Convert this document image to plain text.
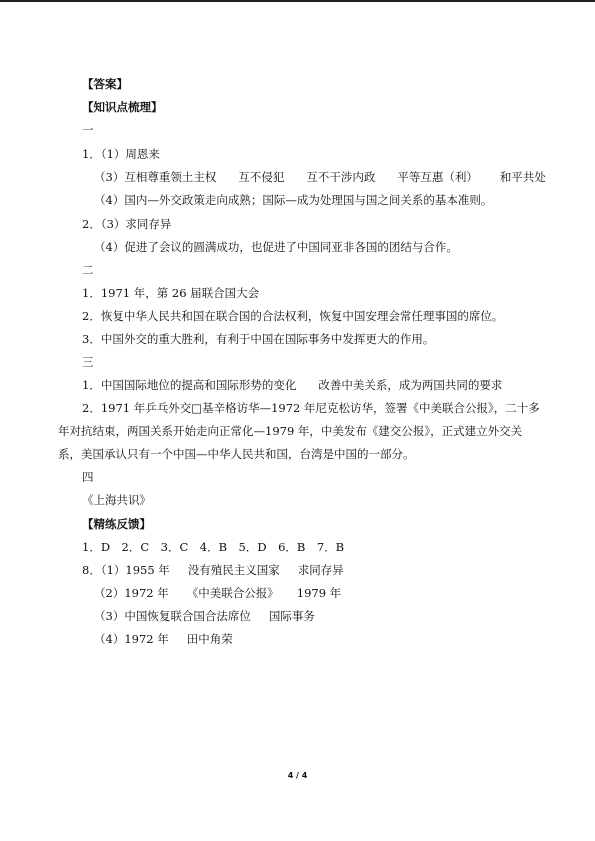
【答案】
【知识点梳理】
一
1．（1）周恩来
（3）互相尊重领土主权 互不侵犯 互不干涉内政 平等互惠（利） 和平共处
（4）国内—外交政策走向成熟；国际—成为处理国与国之间关系的基本准则。
2．（3）求同存异
（4）促进了会议的圆满成功，也促进了中国同亚非各国的团结与合作。
二
1．1971 年，第 26 届联合国大会
2．恢复中华人民共和国在联合国的合法权利，恢复中国安理会常任理事国的席位。
3．中国外交的重大胜利，有利于中国在国际事务中发挥更大的作用。
三
1．中国国际地位的提高和国际形势的变化 改善中美关系，成为两国共同的要求
2．1971 年乒乓外交□基辛格访华—1972 年尼克松访华，签署《中美联合公报》，二十多
年对抗结束，两国关系开始走向正常化—1979 年，中美发布《建交公报》，正式建立外交关
系，美国承认只有一个中国—中华人民共和国，台湾是中国的一部分。
四
《上海共识》
【精练反馈】
1．D　2．C　3．C　4．B　5．D　6．B　7．B
8．（1）1955 年 没有殖民主义国家 求同存异
（2）1972 年 《中美联合公报》 1979 年
（3）中国恢复联合国合法席位 国际事务
（4）1972 年 田中角荣
4 / 4
